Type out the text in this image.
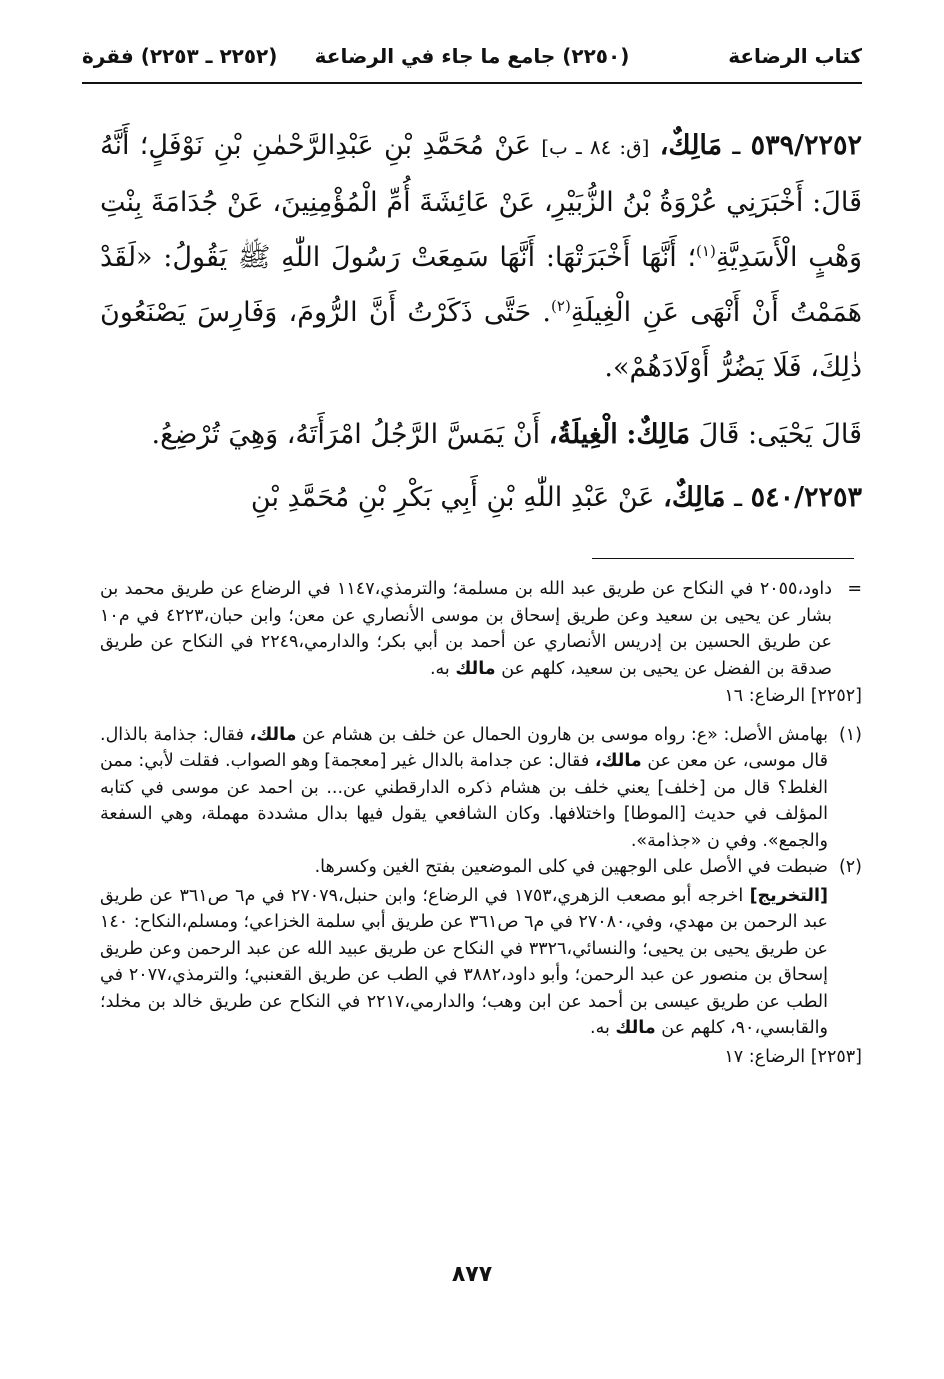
كتاب الرضاعة
(٢٢٥٠) جامع ما جاء في الرضاعة
(٢٢٥٢ ـ ٢٢٥٣) فقرة

٥٣٩/٢٢٥٢ ـ مَالِكٌ، [ق: ٨٤ ـ ب] عَنْ مُحَمَّدِ بْنِ عَبْدِالرَّحْمٰنِ بْنِ نَوْفَلٍ؛ أَنَّهُ قَالَ: أَخْبَرَنِي عُرْوَةُ بْنُ الزُّبَيْرِ، عَنْ عَائِشَةَ أُمِّ الْمُؤْمِنِينَ، عَنْ جُدَامَةَ بِنْتِ وَهْبٍ الْأَسَدِيَّةِ$^{(١)}$؛ أَنَّهَا أَخْبَرَتْهَا: أَنَّهَا سَمِعَتْ رَسُولَ اللّٰهِ ﷺ يَقُولُ: «لَقَدْ هَمَمْتُ أَنْ أَنْهَى عَنِ الْغِيلَةِ$^{(٢)}$. حَتَّى ذَكَرْتُ أَنَّ الرُّومَ، وَفَارِسَ يَصْنَعُونَ ذٰلِكَ، فَلَا يَضُرُّ أَوْلَادَهُمْ».

قَالَ يَحْيَى: قَالَ مَالِكٌ: الْغِيلَةُ، أَنْ يَمَسَّ الرَّجُلُ امْرَأَتَهُ، وَهِيَ تُرْضِعُ.

٥٤٠/٢٢٥٣ ـ مَالِكٌ، عَنْ عَبْدِ اللّٰهِ بْنِ أَبِي بَكْرِ بْنِ مُحَمَّدِ بْنِ

=
داود،٢٠٥٥ في النكاح عن طريق عبد الله بن مسلمة؛ والترمذي،١١٤٧ في الرضاع عن طريق محمد بن بشار عن يحيى بن سعيد وعن طريق إسحاق بن موسى الأنصاري عن معن؛ وابن حبان،٤٢٢٣ في م١٠ عن طريق الحسين بن إدريس الأنصاري عن أحمد بن أبي بكر؛ والدارمي،٢٢٤٩ في النكاح عن طريق صدقة بن الفضل عن يحيى بن سعيد، كلهم عن مالك به.

[٢٢٥٢] الرضاع: ١٦

(١)
بهامش الأصل: «ع: رواه موسى بن هارون الحمال عن خلف بن هشام عن مالك، فقال: جذامة بالذال. قال موسى، عن معن عن مالك، فقال: عن جدامة بالدال غير [معجمة] وهو الصواب. فقلت لأبي: ممن الغلط؟ قال من [خلف] يعني خلف بن هشام ذكره الدارقطني عن... بن احمد عن موسى في كتابه المؤلف في حديث [الموطا] واختلافها. وكان الشافعي يقول فيها بدال مشددة مهملة، وهي السفعة والجمع». وفي ن «جذامة».

(٢)
ضبطت في الأصل على الوجهين في كلى الموضعين بفتح الغين وكسرها.

[التخريج] اخرجه أبو مصعب الزهري،١٧٥٣ في الرضاع؛ وابن حنبل،٢٧٠٧٩ في م٦ ص٣٦١ عن طريق عبد الرحمن بن مهدي، وفي،٢٧٠٨٠ في م٦ ص٣٦١ عن طريق أبي سلمة الخزاعي؛ ومسلم،النكاح: ١٤٠ عن طريق يحيى بن يحيى؛ والنسائي،٣٣٢٦ في النكاح عن طريق عبيد الله عن عبد الرحمن وعن طريق إسحاق بن منصور عن عبد الرحمن؛ وأبو داود،٣٨٨٢ في الطب عن طريق القعنبي؛ والترمذي،٢٠٧٧ في الطب عن طريق عيسى بن أحمد عن ابن وهب؛ والدارمي،٢٢١٧ في النكاح عن طريق خالد بن مخلد؛ والقابسي،٩٠، كلهم عن مالك به.

[٢٢٥٣] الرضاع: ١٧

٨٧٧
